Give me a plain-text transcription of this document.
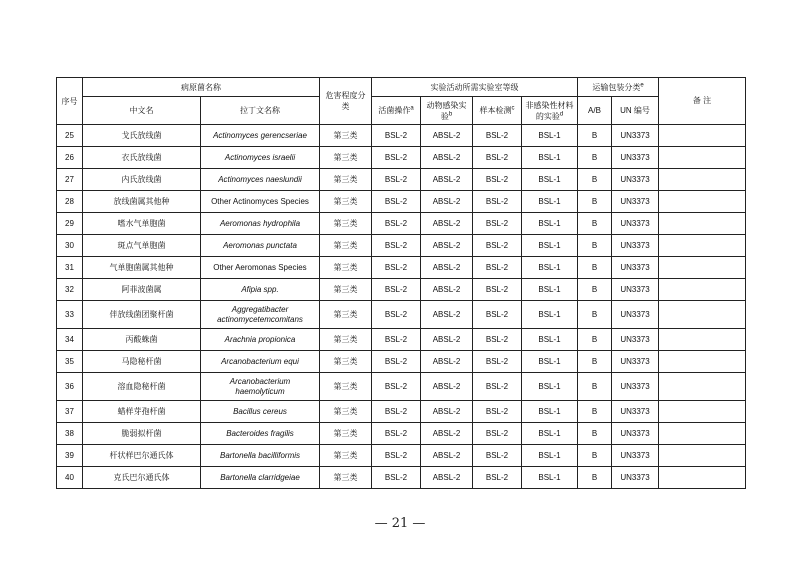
序号	病原菌名称		危害程度分类	实验活动所需实验室等级				运输包装分类$^e$		备 注
	中文名	拉丁文名称		活菌操作$^a$	动物感染实验$^b$	样本检测$^c$	非感染性材料的实验$^d$	A/B	UN 编号	

25	戈氏放线菌	Actinomyces gerencseriae	第三类	BSL-2	ABSL-2	BSL-2	BSL-1	B	UN3373	
26	衣氏放线菌	Actinomyces israelii	第三类	BSL-2	ABSL-2	BSL-2	BSL-1	B	UN3373	
27	内氏放线菌	Actinomyces naeslundii	第三类	BSL-2	ABSL-2	BSL-2	BSL-1	B	UN3373	
28	放线菌属其他种	Other Actinomyces Species	第三类	BSL-2	ABSL-2	BSL-2	BSL-1	B	UN3373	
29	嗜水气单胞菌	Aeromonas hydrophila	第三类	BSL-2	ABSL-2	BSL-2	BSL-1	B	UN3373	
30	斑点气单胞菌	Aeromonas punctata	第三类	BSL-2	ABSL-2	BSL-2	BSL-1	B	UN3373	
31	气单胞菌属其他种	Other Aeromonas Species	第三类	BSL-2	ABSL-2	BSL-2	BSL-1	B	UN3373	
32	阿菲波菌属	Afipia spp.	第三类	BSL-2	ABSL-2	BSL-2	BSL-1	B	UN3373	
33	伴放线菌团聚杆菌	Aggregatibacter actinomycetemcomitans	第三类	BSL-2	ABSL-2	BSL-2	BSL-1	B	UN3373	
34	丙酸蛛菌	Arachnia propionica	第三类	BSL-2	ABSL-2	BSL-2	BSL-1	B	UN3373	
35	马隐秘杆菌	Arcanobacterium equi	第三类	BSL-2	ABSL-2	BSL-2	BSL-1	B	UN3373	
36	溶血隐秘杆菌	Arcanobacterium haemolyticum	第三类	BSL-2	ABSL-2	BSL-2	BSL-1	B	UN3373	
37	蜡样芽孢杆菌	Bacillus cereus	第三类	BSL-2	ABSL-2	BSL-2	BSL-1	B	UN3373	
38	脆弱拟杆菌	Bacteroides fragilis	第三类	BSL-2	ABSL-2	BSL-2	BSL-1	B	UN3373	
39	杆状样巴尔通氏体	Bartonella bacilliformis	第三类	BSL-2	ABSL-2	BSL-2	BSL-1	B	UN3373	
40	克氏巴尔通氏体	Bartonella clarridgeiae	第三类	BSL-2	ABSL-2	BSL-2	BSL-1	B	UN3373	
— 21 —
